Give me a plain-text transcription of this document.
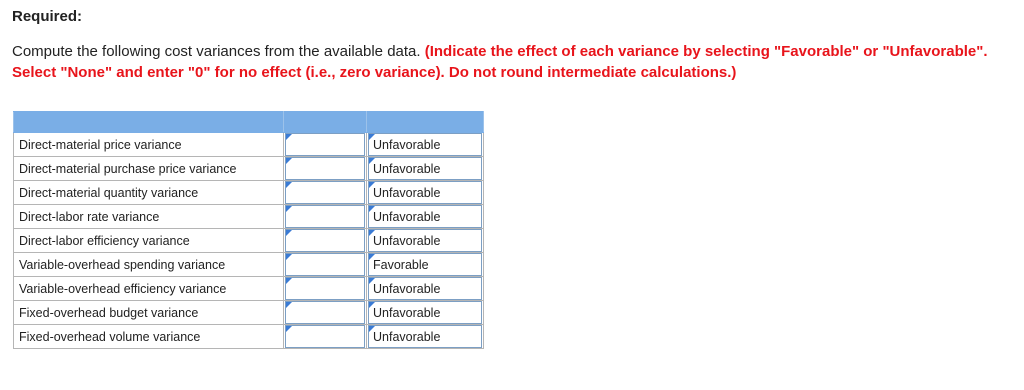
Required:
Compute the following cost variances from the available data. (Indicate the effect of each variance by selecting "Favorable" or "Unfavorable". Select "None" and enter "0" for no effect (i.e., zero variance). Do not round intermediate calculations.)

Direct-material price variance		Unfavorable

Direct-material purchase price variance		Unfavorable

Direct-material quantity variance		Unfavorable

Direct-labor rate variance		Unfavorable

Direct-labor efficiency variance		Unfavorable

Variable-overhead spending variance		Favorable

Variable-overhead efficiency variance		Unfavorable

Fixed-overhead budget variance		Unfavorable

Fixed-overhead volume variance		Unfavorable
